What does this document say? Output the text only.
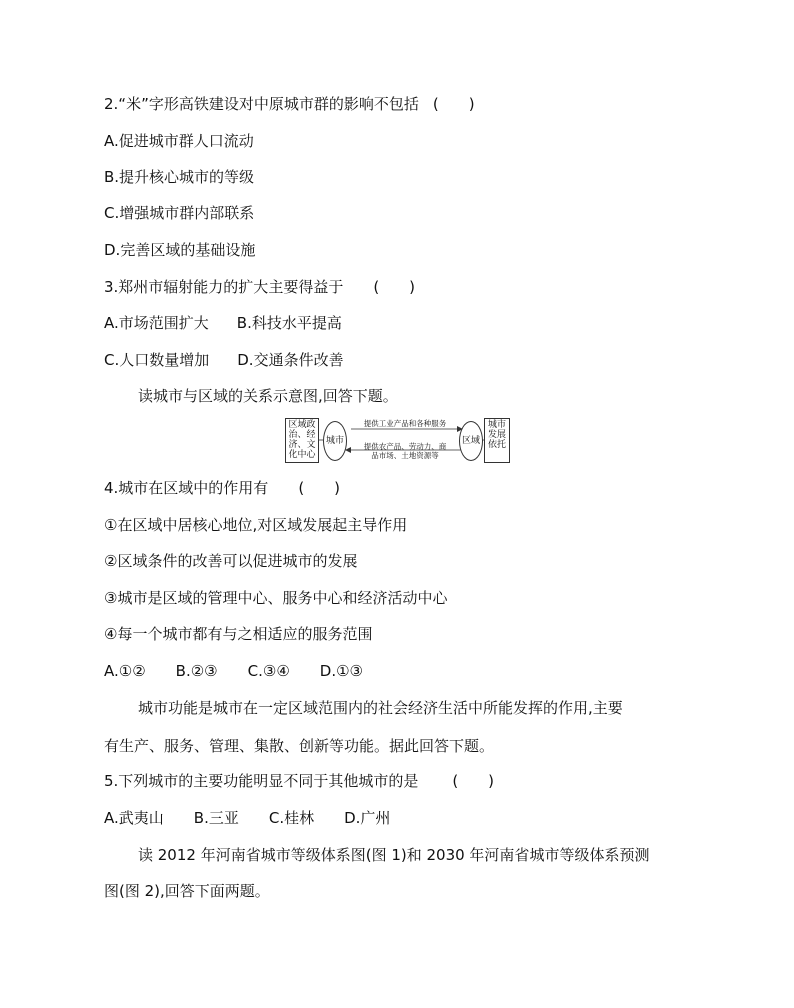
2.“米”字形高铁建设对中原城市群的影响不包括 (　　)
A.促进城市群人口流动
B.提升核心城市的等级
C.增强城市群内部联系
D.完善区域的基础设施
3.郑州市辐射能力的扩大主要得益于 (　　)
A.市场范围扩大 B.科技水平提高
C.人口数量增加 D.交通条件改善
读城市与区域的关系示意图,回答下题。
区域政治、经济、文化中心
城市
提供工业产品和各种服务
提供农产品、劳动力、商
品市场、土地资源等
区域
城市发展依托
4.城市在区域中的作用有 (　　)
①在区域中居核心地位,对区域发展起主导作用
②区域条件的改善可以促进城市的发展
③城市是区域的管理中心、服务中心和经济活动中心
④每一个城市都有与之相适应的服务范围
A.①② B.②③ C.③④ D.①③
城市功能是城市在一定区域范围内的社会经济生活中所能发挥的作用,主要
有生产、服务、管理、集散、创新等功能。据此回答下题。
5.下列城市的主要功能明显不同于其他城市的是 (　　)
A.武夷山 B.三亚 C.桂林 D.广州
读 2012 年河南省城市等级体系图(图 1)和 2030 年河南省城市等级体系预测
图(图 2),回答下面两题。
